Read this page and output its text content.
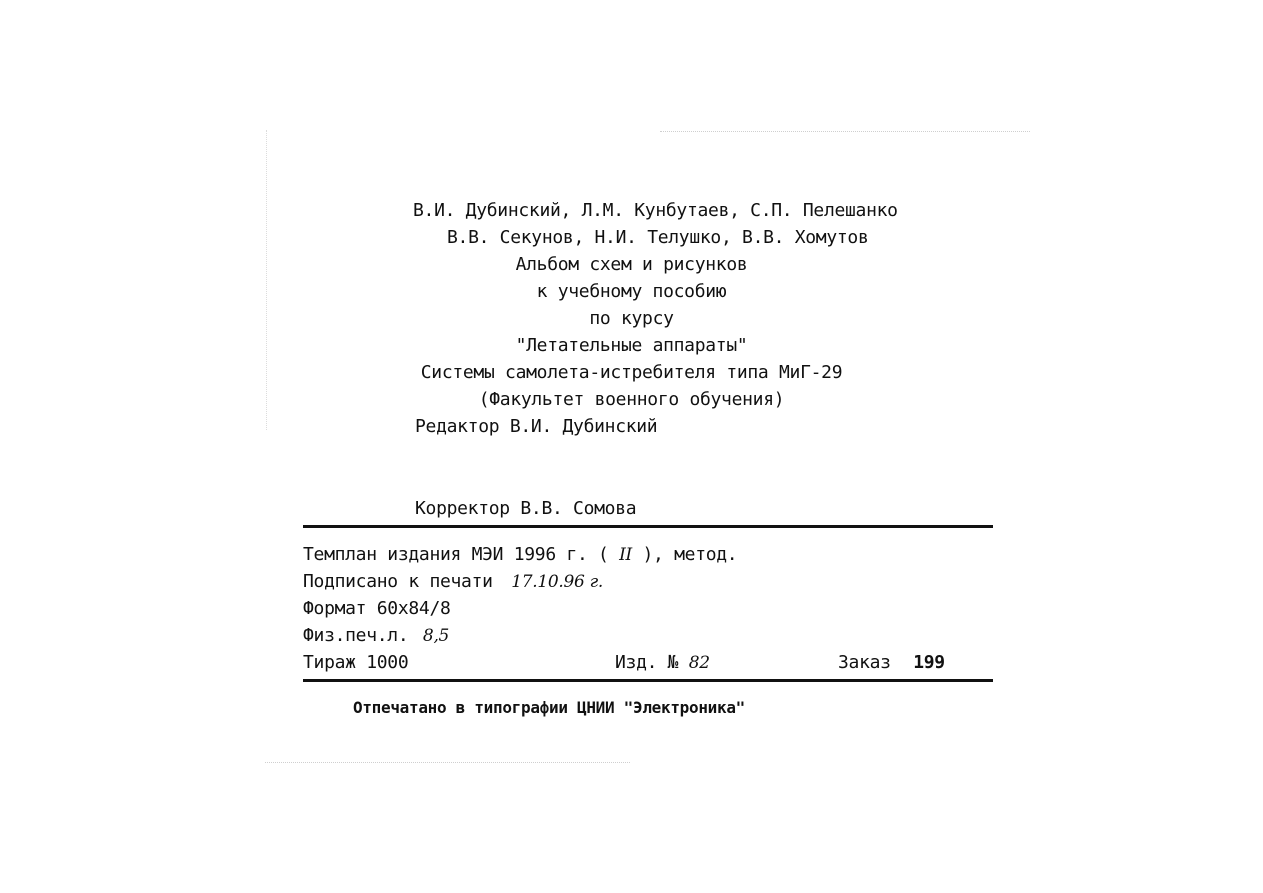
В.И. Дубинский, Л.М. Кунбутаев, С.П. Пелешанко
В.В. Секунов, Н.И. Телушко, В.В. Хомутов
Альбом схем и рисунков
к учебному пособию
по курсу
"Летательные аппараты"
Системы самолета-истребителя типа МиГ-29
(Факультет военного обучения)
Редактор В.И. Дубинский
Корректор В.В. Сомова
Темплан издания МЭИ 1996 г. ( II ), метод.
Подписано к печати 17.10.96 г.
Формат 60х84/8
Физ.печ.л. 8,5
Тираж 1000	Изд. № 82	Заказ 199
Отпечатано в типографии ЦНИИ "Электроника"
